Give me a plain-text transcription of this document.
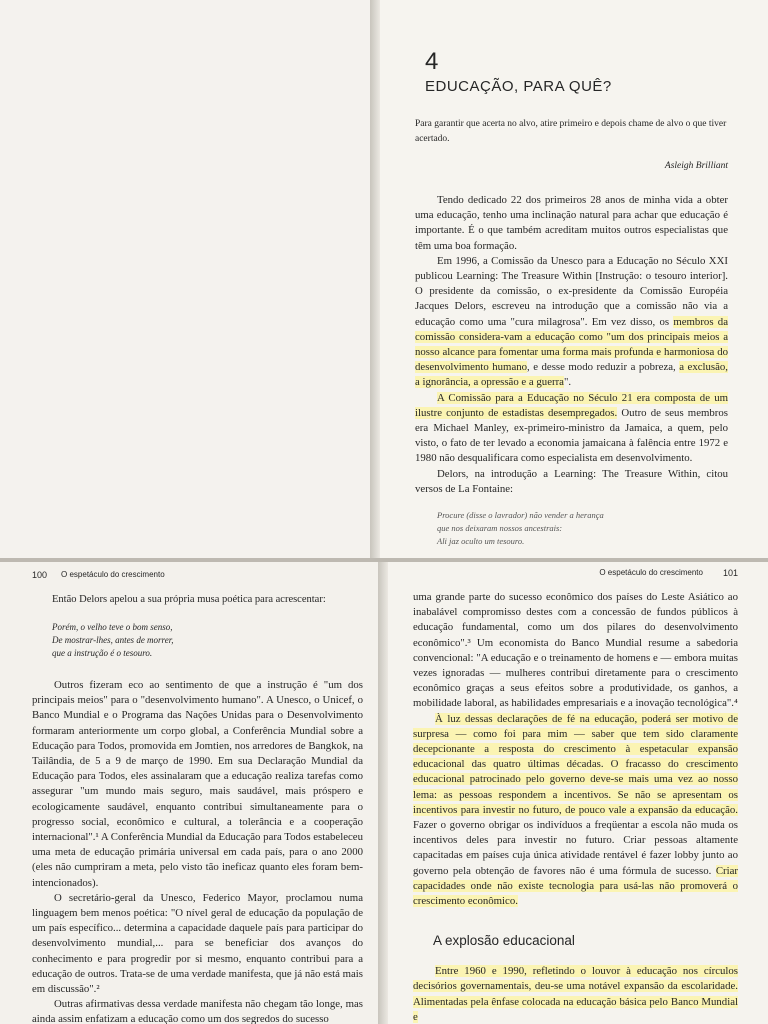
4
EDUCAÇÃO, PARA QUÊ?

Para garantir que acerta no alvo, atire primeiro e depois chame de alvo o que tiver acertado.

Asleigh Brilliant

Tendo dedicado 22 dos primeiros 28 anos de minha vida a obter uma educação, tenho uma inclinação natural para achar que educação é importante. É o que também acreditam muitos outros especialistas que têm uma boa formação.

Em 1996, a Comissão da Unesco para a Educação no Século XXI publicou Learning: The Treasure Within [Instrução: o tesouro interior]. O presidente da comissão, o ex-presidente da Comissão Européia Jacques Delors, escreveu na introdução que a comissão não via a educação como uma "cura milagrosa". Em vez disso, os membros da comissão considera-vam a educação como "um dos principais meios a nosso alcance para fomentar uma forma mais profunda e harmoniosa do desenvolvimento humano, e desse modo reduzir a pobreza, a exclusão, a ignorância, a opressão e a guerra".

A Comissão para a Educação no Século 21 era composta de um ilustre conjunto de estadistas desempregados. Outro de seus membros era Michael Manley, ex-primeiro-ministro da Jamaica, a quem, pelo visto, o fato de ter levado a economia jamaicana à falência entre 1972 e 1980 não desqualificara como especialista em desenvolvimento.

Delors, na introdução a Learning: The Treasure Within, citou versos de La Fontaine:

Procure (disse o lavrador) não vender a herança
que nos deixaram nossos ancestrais:
Ali jaz oculto um tesouro.
100 O espetáculo do crescimento

Então Delors apelou a sua própria musa poética para acrescentar:

Porém, o velho teve o bom senso,
De mostrar-lhes, antes de morrer,
que a instrução é o tesouro.

Outros fizeram eco ao sentimento de que a instrução é "um dos principais meios" para o "desenvolvimento humano". A Unesco, o Unicef, o Banco Mundial e o Programa das Nações Unidas para o Desenvolvimento formaram anteriormente um corpo global, a Conferência Mundial sobre a Educação para Todos, promovida em Jomtien, nos arredores de Bangkok, na Tailândia, de 5 a 9 de março de 1990. Em sua Declaração Mundial da Educação para Todos, eles assinalaram que a educação realiza tarefas como assegurar "um mundo mais seguro, mais saudável, mais próspero e ecologicamente saudável, enquanto contribui simultaneamente para o progresso social, econômico e cultural, a tolerância e a cooperação internacional".¹ A Conferência Mundial da Educação para Todos estabeleceu uma meta de educação primária universal em cada país, para o ano 2000 (eles não cumpriram a meta, pelo visto tão ineficaz quanto eles foram bem-intencionados).

O secretário-geral da Unesco, Federico Mayor, proclamou numa linguagem bem menos poética: "O nível geral de educação da população de um país específico... determina a capacidade daquele país para participar do desenvolvimento mundial,... para se beneficiar dos avanços do conhecimento e para progredir por si mesmo, enquanto contribui para a educação de outros. Trata-se de uma verdade manifesta, que já não está mais em discussão".²

Outras afirmativas dessa verdade manifesta não chegam tão longe, mas ainda assim enfatizam a educação como um dos segredos do sucesso

O espetáculo do crescimento 101

uma grande parte do sucesso econômico dos países do Leste Asiático ao inabalável compromisso destes com a concessão de fundos públicos à educação fundamental, como um dos pilares do desenvolvimento econômico".³ Um economista do Banco Mundial resume a sabedoria convencional: "A educação e o treinamento de homens e — embora muitas vezes ignoradas — mulheres contribui diretamente para o crescimento econômico graças a seus efeitos sobre a produtividade, os ganhos, a mobilidade laboral, as habilidades empresariais e a inovação tecnológica".⁴

À luz dessas declarações de fé na educação, poderá ser motivo de surpresa — como foi para mim — saber que tem sido claramente decepcionante a resposta do crescimento à espetacular expansão educacional das quatro últimas décadas. O fracasso do crescimento educacional patrocinado pelo governo deve-se mais uma vez ao nosso lema: as pessoas respondem a incentivos. Se não se apresentam os incentivos para investir no futuro, de pouco vale a expansão da educação. Fazer o governo obrigar os indivíduos a freqüentar a escola não muda os incentivos deles para investir no futuro. Criar pessoas altamente capacitadas em países cuja única atividade rentável é fazer lobby junto ao governo pela obtenção de favores não é uma fórmula de sucesso. Criar capacidades onde não existe tecnologia para usá-las não promoverá o crescimento econômico.

A explosão educacional

Entre 1960 e 1990, refletindo o louvor à educação nos círculos decisórios governamentais, deu-se uma notável expansão da escolaridade. Alimentadas pela ênfase colocada na educação básica pelo Banco Mundial e
